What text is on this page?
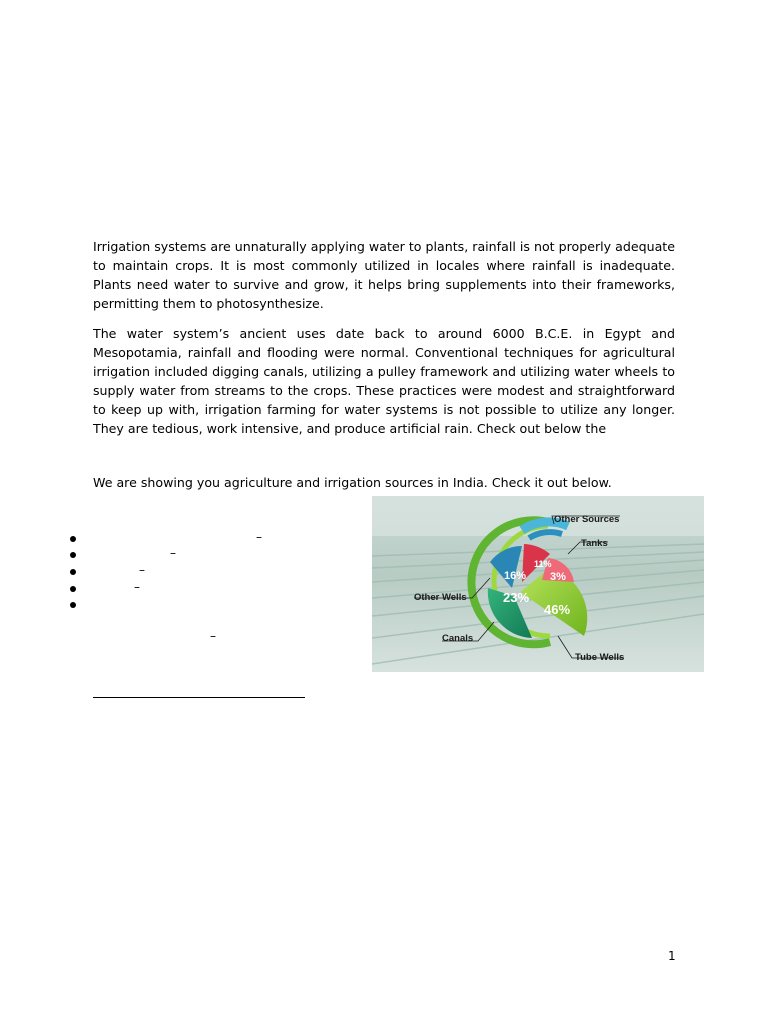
Irrigation systems are unnaturally applying water to plants, rainfall is not properly adequate to maintain crops. It is most commonly utilized in locales where rainfall is inadequate. Plants need water to survive and grow, it helps bring supplements into their frameworks, permitting them to photosynthesize.

The water system’s ancient uses date back to around 6000 B.C.E. in Egypt and Mesopotamia, rainfall and flooding were normal. Conventional techniques for agricultural irrigation included digging canals, utilizing a pulley framework and utilizing water wheels to supply water from streams to the crops. These practices were modest and straightforward to keep up with, irrigation farming for water systems is not possible to utilize any longer. They are tedious, work intensive, and produce artificial rain. Check out below the

We are showing you agriculture and irrigation sources in India. Check it out below.

–
–
–
–
–
11%
3%
16%
23%
46%
Other Sources
Tanks
Other Wells
Canals
Tube Wells
1
